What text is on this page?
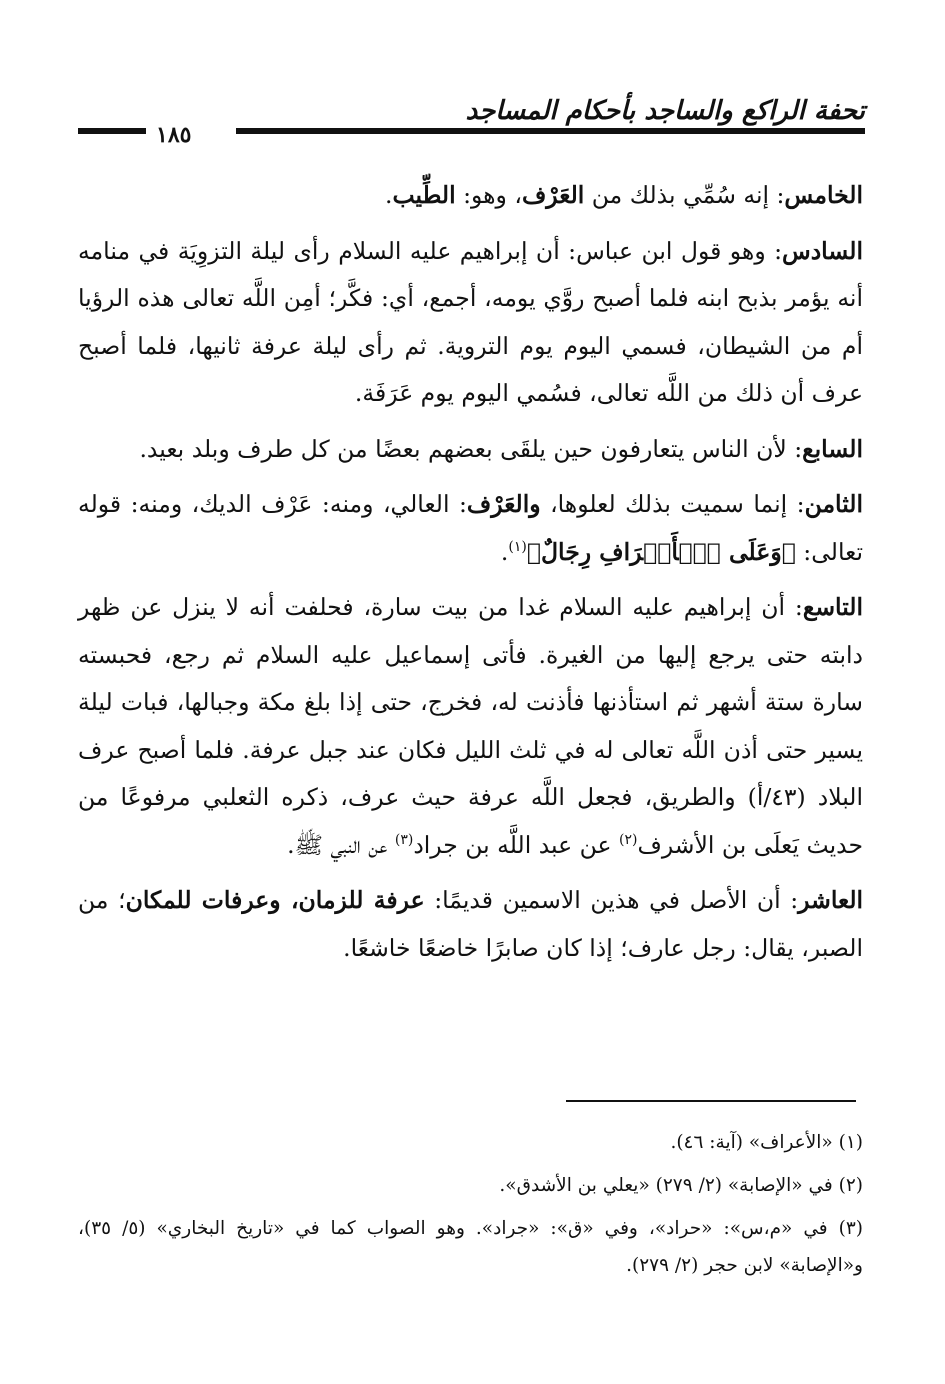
تحفة الراكع والساجد بأحكام المساجد
١٨٥

الخامس: إنه سُمِّي بذلك من العَرْف، وهو: الطِّيب.

السادس: وهو قول ابن عباس: أن إبراهيم عليه السلام رأى ليلة التزوِيَة في منامه أنه يؤمر بذبح ابنه فلما أصبح روَّي يومه، أجمع، أي: فكَّر؛ أمِن اللَّه تعالى هذه الرؤيا أم من الشيطان، فسمي اليوم يوم التروية. ثم رأى ليلة عرفة ثانيها، فلما أصبح عرف أن ذلك من اللَّه تعالى، فسُمي اليوم يوم عَرَفَة.

السابع: لأن الناس يتعارفون حين يلقَى بعضهم بعضًا من كل طرف وبلد بعيد.

الثامن: إنما سميت بذلك لعلوها، والعَرْف: العالي، ومنه: عَرْف الديك، ومنه: قوله تعالى: ﴿وَعَلَى ٱلۡأَعۡرَافِ رِجَالٌ﴾$^{(١)}$.

التاسع: أن إبراهيم عليه السلام غدا من بيت سارة، فحلفت أنه لا ينزل عن ظهر دابته حتى يرجع إليها من الغيرة. فأتى إسماعيل عليه السلام ثم رجع، فحبسته سارة ستة أشهر ثم استأذنها فأذنت له، فخرج، حتى إذا بلغ مكة وجبالها، فبات ليلة يسير حتى أذن اللَّه تعالى له في ثلث الليل فكان عند جبل عرفة. فلما أصبح عرف البلاد (٤٣/أ) والطريق، فجعل اللَّه عرفة حيث عرف، ذكره الثعلبي مرفوعًا من حديث يَعلَى بن الأشرف$^{(٢)}$ عن عبد اللَّه بن جراد$^{(٣)}$ عن النبي ﷺ.

العاشر: أن الأصل في هذين الاسمين قديمًا: عرفة للزمان، وعرفات للمكان؛ من الصبر، يقال: رجل عارف؛ إذا كان صابرًا خاضعًا خاشعًا.

(١) «الأعراف» (آية: ٤٦).

(٢) في «الإصابة» (٢/ ٢٧٩) «يعلي بن الأشدق».

(٣) في «م،س»: «حراد»، وفي «ق»: «جراد». وهو الصواب كما في «تاريخ البخاري» (٥/ ٣٥)، و«الإصابة» لابن حجر (٢/ ٢٧٩).
